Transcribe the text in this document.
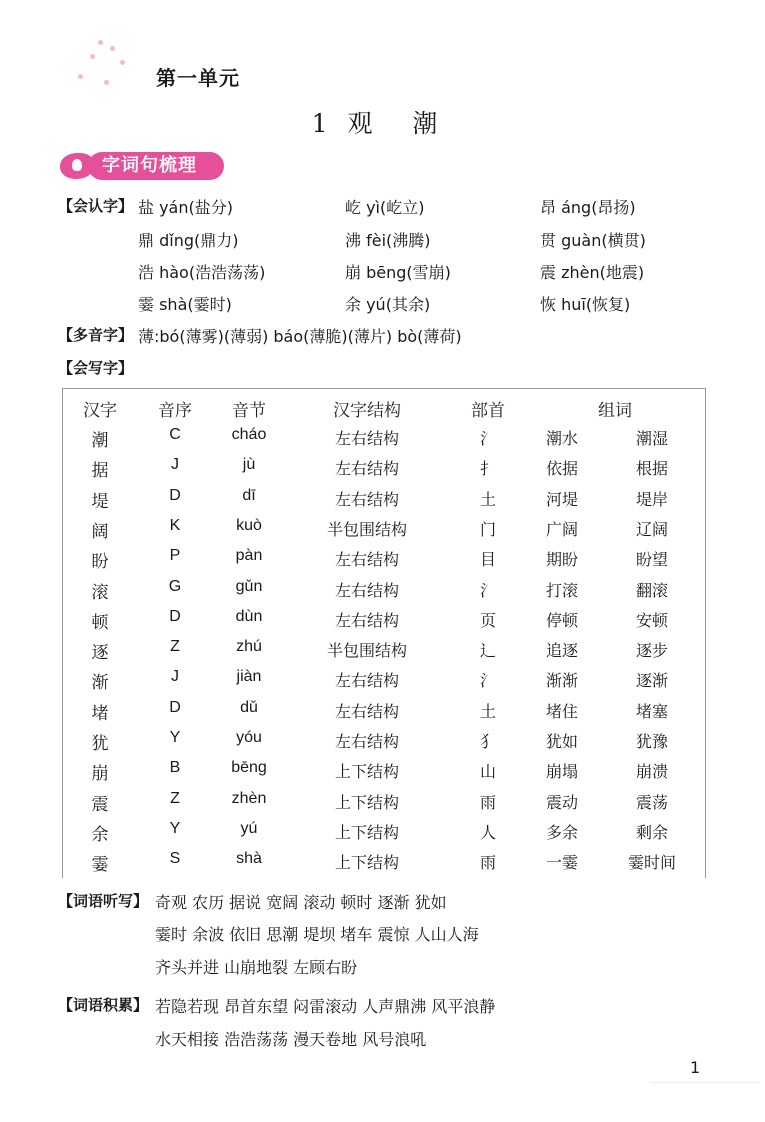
第一单元
1 观 潮
字词句梳理
【会认字】 盐 yán(盐分)	屹 yì(屹立)	昂 áng(昂扬)
鼎 dǐng(鼎力)	沸 fèi(沸腾)	贯 guàn(横贯)
浩 hào(浩浩荡荡)	崩 bēng(雪崩)	震 zhèn(地震)
霎 shà(霎时)	余 yú(其余)	恢 huī(恢复)
【多音字】 薄:bó(薄雾)(薄弱) báo(薄脆)(薄片) bò(薄荷)
【会写字】
汉字 音序 音节	汉字结构	部首	组词
潮	C	cháo	左右结构	氵	潮水	潮湿
据	J	jù	左右结构	扌	依据	根据
堤	D	dī	左右结构	土	河堤	堤岸
阔	K	kuò	半包围结构	门	广阔	辽阔
盼	P	pàn	左右结构	目	期盼	盼望
滚	G	gǔn	左右结构	氵	打滚	翻滚
顿	D	dùn	左右结构	页	停顿	安顿
逐	Z	zhú	半包围结构	辶	追逐	逐步
渐	J	jiàn	左右结构	氵	渐渐	逐渐
堵	D	dǔ	左右结构	土	堵住	堵塞
犹	Y	yóu	左右结构	犭	犹如	犹豫
崩	B	bēng	上下结构	山	崩塌	崩溃
震	Z	zhèn	上下结构	雨	震动	震荡
余	Y	yú	上下结构	人	多余	剩余
霎	S	shà	上下结构	雨	一霎	霎时间
【词语听写】 奇观 农历 据说 宽阔 滚动 顿时 逐渐 犹如
霎时 余波 依旧 思潮 堤坝 堵车 震惊 人山人海
齐头并进 山崩地裂 左顾右盼
【词语积累】 若隐若现 昂首东望 闷雷滚动 人声鼎沸 风平浪静
水天相接 浩浩荡荡 漫天卷地 风号浪吼
1
